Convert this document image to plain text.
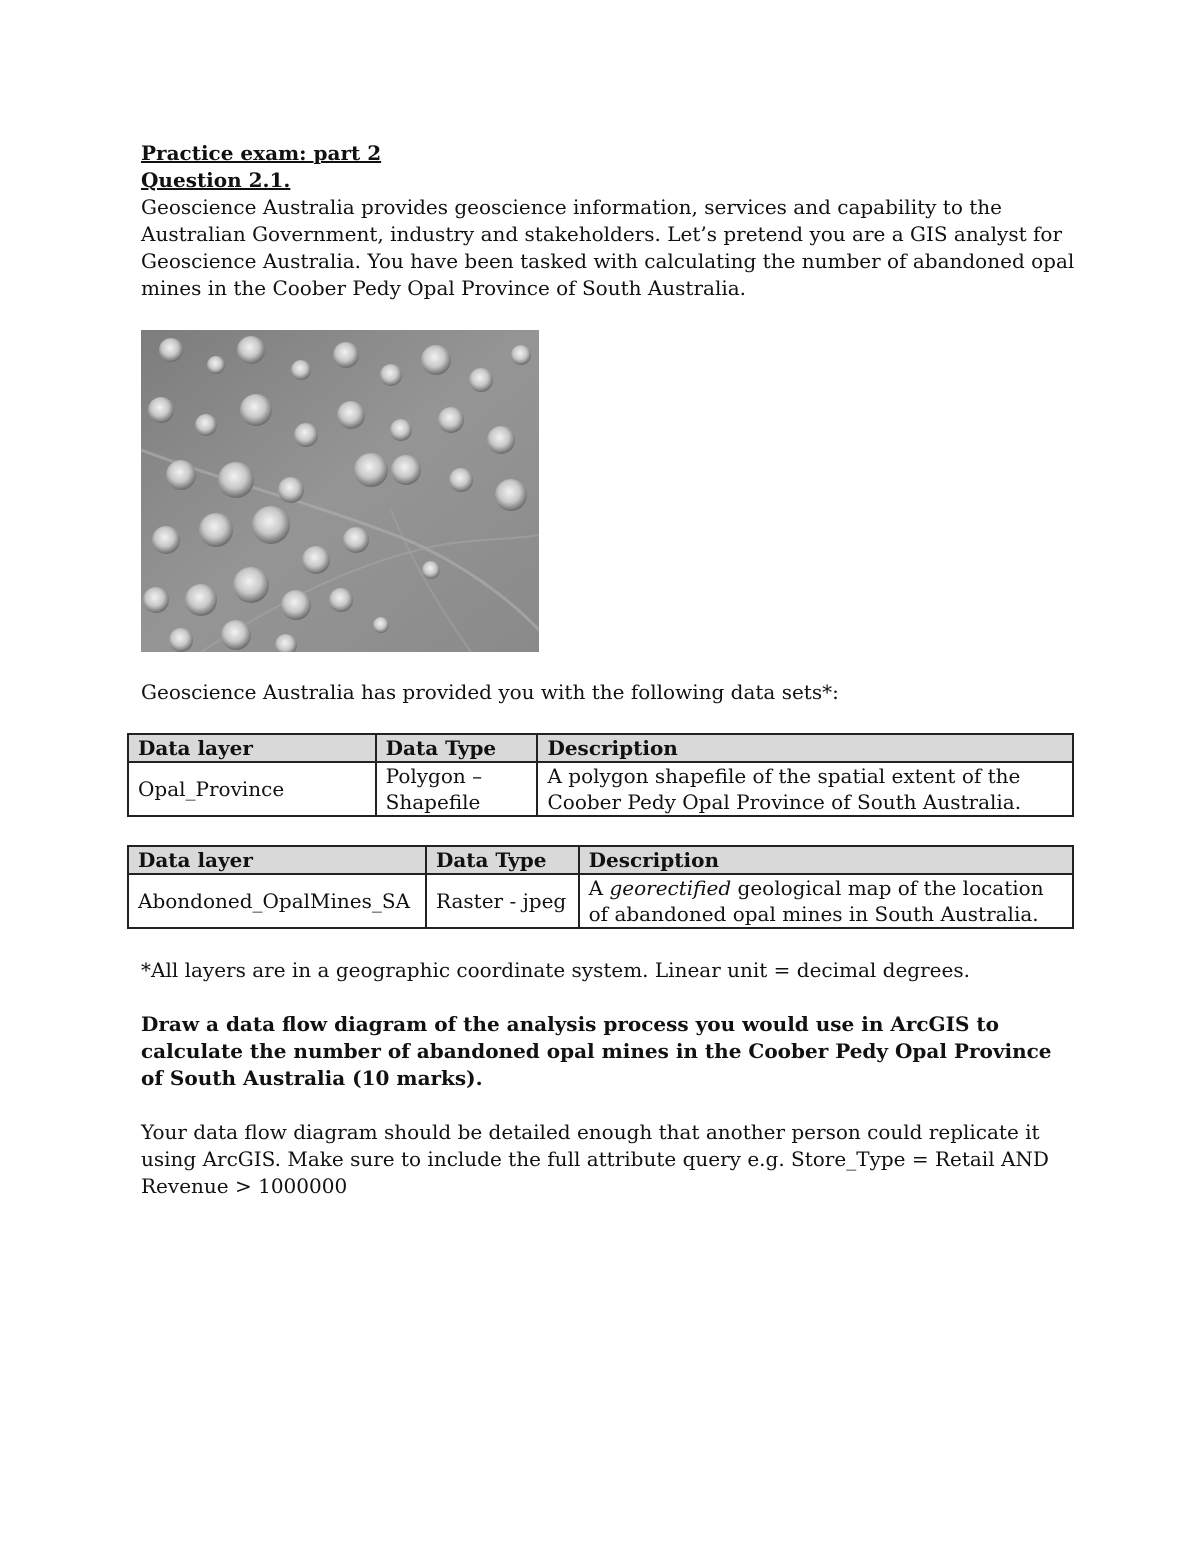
Practice exam: part 2

Question 2.1.

Geoscience Australia provides geoscience information, services and capability to the Australian Government, industry and stakeholders. Let’s pretend you are a GIS analyst for Geoscience Australia. You have been tasked with calculating the number of abandoned opal mines in the Coober Pedy Opal Province of South Australia.

Geoscience Australia has provided you with the following data sets*:

Data layer	Data Type	Description
Opal_Province	Polygon – Shapefile	A polygon shapefile of the spatial extent of the Coober Pedy Opal Province of South Australia.
Data layer	Data Type	Description
Abondoned_OpalMines_SA	Raster - jpeg	A georectified geological map of the location of abandoned opal mines in South Australia.

*All layers are in a geographic coordinate system. Linear unit = decimal degrees.

Draw a data flow diagram of the analysis process you would use in ArcGIS to calculate the number of abandoned opal mines in the Coober Pedy Opal Province of South Australia (10 marks).

Your data flow diagram should be detailed enough that another person could replicate it using ArcGIS. Make sure to include the full attribute query e.g. Store_Type = Retail AND Revenue > 1000000
